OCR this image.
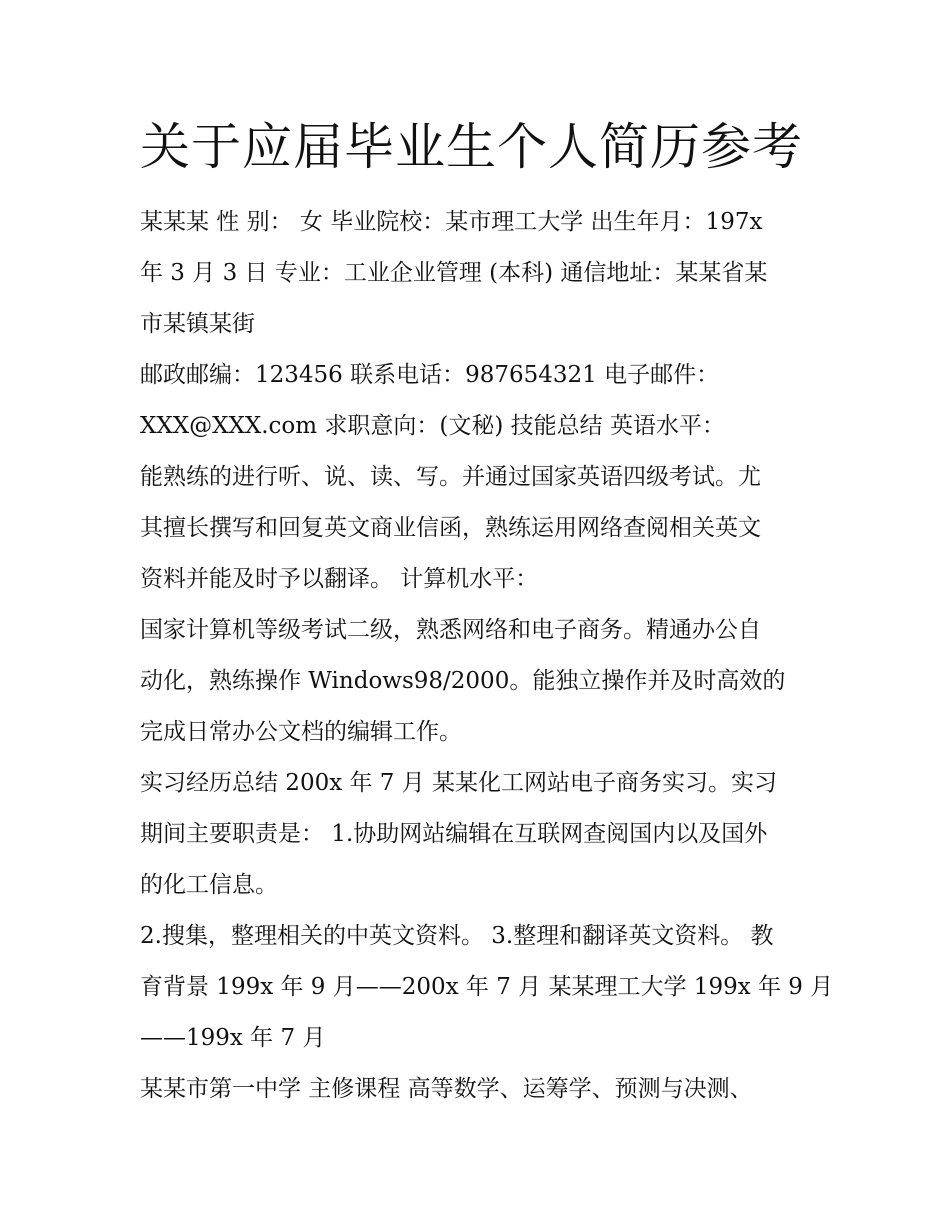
关于应届毕业生个人简历参考

某某某 性 别： 女 毕业院校：某市理工大学 出生年月：197x

年 3 月 3 日 专业：工业企业管理 (本科) 通信地址：某某省某

市某镇某街

邮政邮编：123456 联系电话：987654321 电子邮件：

XXX@XXX.com 求职意向：(文秘) 技能总结 英语水平：

能熟练的进行听、说、读、写。并通过国家英语四级考试。尤

其擅长撰写和回复英文商业信函，熟练运用网络查阅相关英文

资料并能及时予以翻译。 计算机水平：

国家计算机等级考试二级，熟悉网络和电子商务。精通办公自

动化，熟练操作 Windows98/2000。能独立操作并及时高效的

完成日常办公文档的编辑工作。

实习经历总结 200x 年 7 月 某某化工网站电子商务实习。实习

期间主要职责是： 1.协助网站编辑在互联网查阅国内以及国外

的化工信息。

2.搜集，整理相关的中英文资料。 3.整理和翻译英文资料。 教

育背景 199x 年 9 月——200x 年 7 月 某某理工大学 199x 年 9 月

——199x 年 7 月

某某市第一中学 主修课程 高等数学、运筹学、预测与决测、
